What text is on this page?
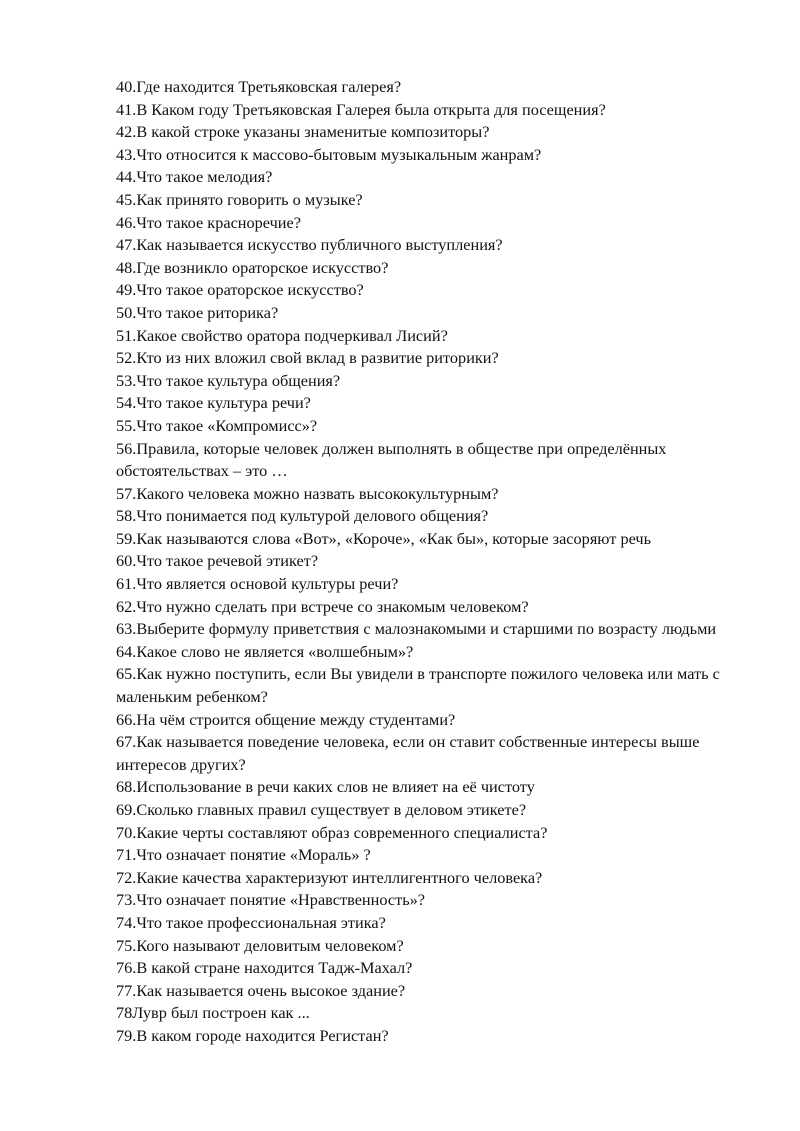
40.Где находится Третьяковская галерея?
41.В Каком году Третьяковская Галерея была открыта для посещения?
42.В какой строке указаны знаменитые композиторы?
43.Что относится к массово-бытовым музыкальным жанрам?
44.Что такое мелодия?
45.Как принято говорить о музыке?
46.Что такое красноречие?
47.Как называется искусство публичного выступления?
48.Где возникло ораторское искусство?
49.Что такое ораторское искусство?
50.Что такое риторика?
51.Какое свойство оратора подчеркивал Лисий?
52.Кто из них вложил свой вклад в развитие риторики?
53.Что такое культура общения?
54.Что такое культура речи?
55.Что такое «Компромисс»?
56.Правила, которые человек должен выполнять в обществе при определённых обстоятельствах – это …
57.Какого человека можно назвать высококультурным?
58.Что понимается под культурой делового общения?
59.Как называются слова «Вот», «Короче», «Как бы», которые засоряют речь
60.Что такое речевой этикет?
61.Что является основой культуры речи?
62.Что нужно сделать при встрече со знакомым человеком?
63.Выберите формулу приветствия с малознакомыми и старшими по возрасту людьми
64.Какое слово не является «волшебным»?
65.Как нужно поступить, если Вы увидели в транспорте пожилого человека или мать с маленьким ребенком?
66.На чём строится общение между студентами?
67.Как называется поведение человека, если он ставит собственные интересы выше интересов других?
68.Использование в речи каких слов не влияет на её чистоту
69.Сколько главных правил существует в деловом этикете?
70.Какие черты составляют образ современного специалиста?
71.Что означает понятие «Мораль» ?
72.Какие качества характеризуют интеллигентного человека?
73.Что означает понятие «Нравственность»?
74.Что такое профессиональная этика?
75.Кого называют деловитым человеком?
76.В какой стране находится Тадж-Махал?
77.Как называется очень высокое здание?
78Лувр был построен как ...
79.В каком городе находится Регистан?
